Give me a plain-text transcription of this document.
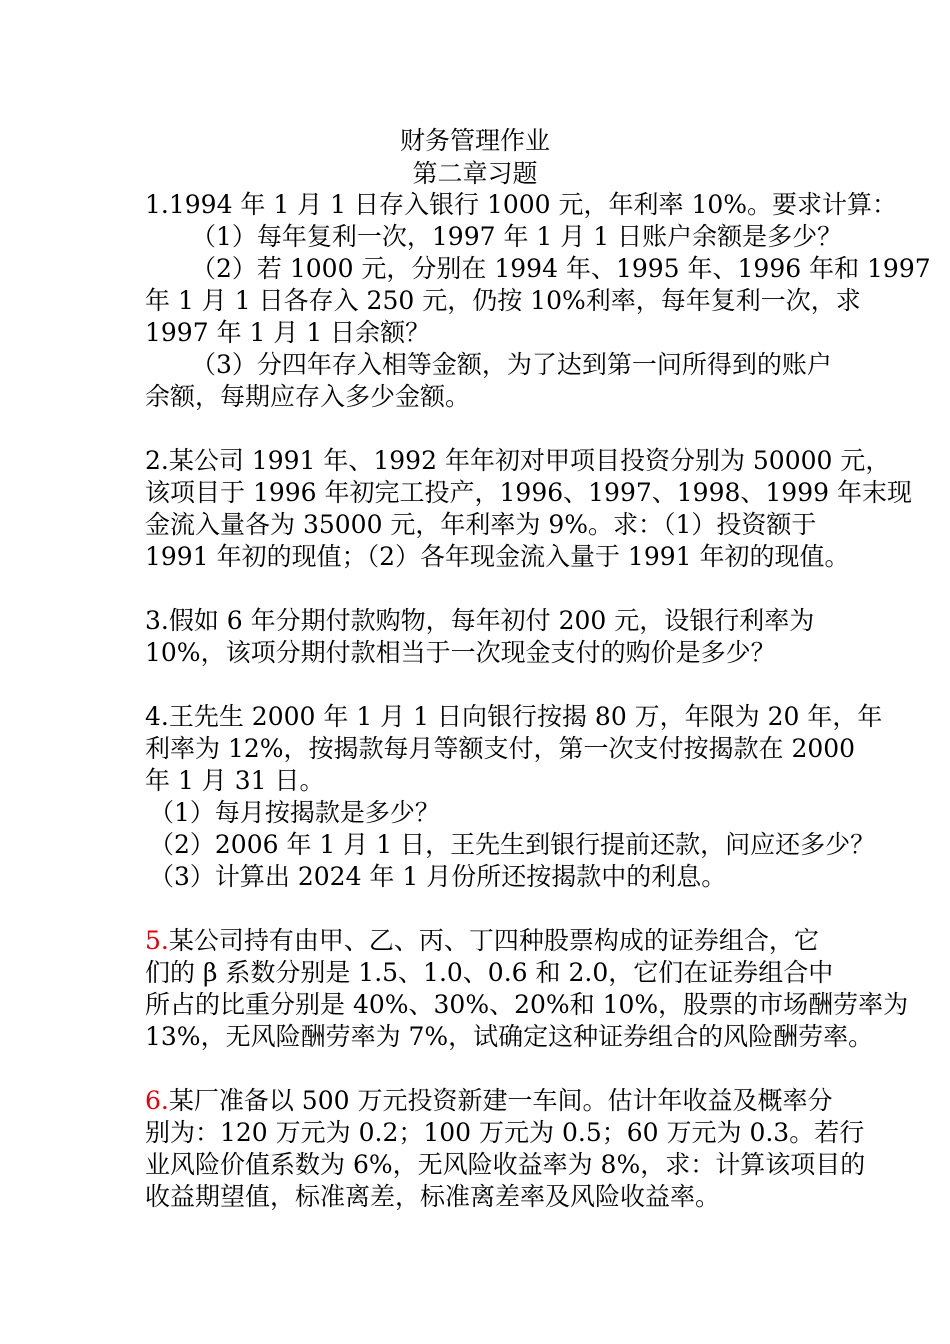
财务管理作业
第二章习题
1.1994 年 1 月 1 日存入银行 1000 元，年利率 10%。要求计算：
（1）每年复利一次，1997 年 1 月 1 日账户余额是多少？
（2）若 1000 元，分别在 1994 年、1995 年、1996 年和 1997
年 1 月 1 日各存入 250 元，仍按 10%利率，每年复利一次，求
1997 年 1 月 1 日余额？
（3）分四年存入相等金额，为了达到第一问所得到的账户
余额，每期应存入多少金额。
2.某公司 1991 年、1992 年年初对甲项目投资分别为 50000 元，
该项目于 1996 年初完工投产，1996、1997、1998、1999 年末现
金流入量各为 35000 元，年利率为 9%。求：（1）投资额于
1991 年初的现值；（2）各年现金流入量于 1991 年初的现值。
3.假如 6 年分期付款购物，每年初付 200 元，设银行利率为
10%，该项分期付款相当于一次现金支付的购价是多少？
4.王先生 2000 年 1 月 1 日向银行按揭 80 万，年限为 20 年，年
利率为 12%，按揭款每月等额支付，第一次支付按揭款在 2000
年 1 月 31 日。
（1）每月按揭款是多少？
（2）2006 年 1 月 1 日，王先生到银行提前还款，问应还多少？
（3）计算出 2024 年 1 月份所还按揭款中的利息。
5.某公司持有由甲、乙、丙、丁四种股票构成的证券组合，它
们的 β 系数分别是 1.5、1.0、0.6 和 2.0，它们在证券组合中
所占的比重分别是 40%、30%、20%和 10%，股票的市场酬劳率为
13%，无风险酬劳率为 7%，试确定这种证券组合的风险酬劳率。
6.某厂准备以 500 万元投资新建一车间。估计年收益及概率分
别为：120 万元为 0.2；100 万元为 0.5；60 万元为 0.3。若行
业风险价值系数为 6%，无风险收益率为 8%，求：计算该项目的
收益期望值，标准离差，标准离差率及风险收益率。
